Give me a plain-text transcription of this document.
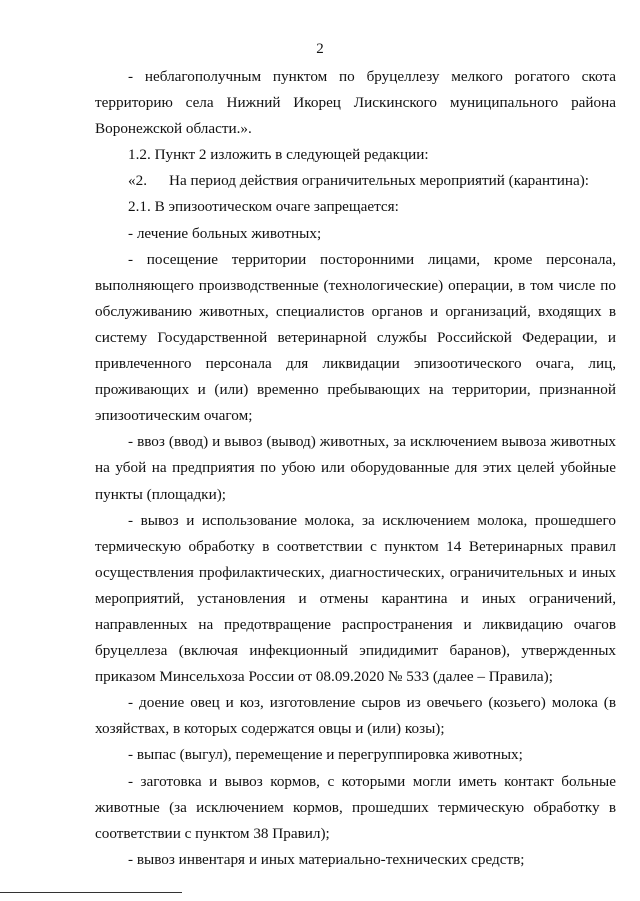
2

- неблагополучным пунктом по бруцеллезу мелкого рогатого скота территорию села Нижний Икорец Лискинского муниципального района Воронежской области.».

1.2. Пункт 2 изложить в следующей редакции:

«2. На период действия ограничительных мероприятий (карантина):

2.1. В эпизоотическом очаге запрещается:

- лечение больных животных;

- посещение территории посторонними лицами, кроме персонала, выполняющего производственные (технологические) операции, в том числе по обслуживанию животных, специалистов органов и организаций, входящих в систему Государственной ветеринарной службы Российской Федерации, и привлеченного персонала для ликвидации эпизоотического очага, лиц, проживающих и (или) временно пребывающих на территории, признанной эпизоотическим очагом;

- ввоз (ввод) и вывоз (вывод) животных, за исключением вывоза животных на убой на предприятия по убою или оборудованные для этих целей убойные пункты (площадки);

- вывоз и использование молока, за исключением молока, прошедшего термическую обработку в соответствии с пунктом 14 Ветеринарных правил осуществления профилактических, диагностических, ограничительных и иных мероприятий, установления и отмены карантина и иных ограничений, направленных на предотвращение распространения и ликвидацию очагов бруцеллеза (включая инфекционный эпидидимит баранов), утвержденных приказом Минсельхоза России от 08.09.2020 № 533 (далее – Правила);

- доение овец и коз, изготовление сыров из овечьего (козьего) молока (в хозяйствах, в которых содержатся овцы и (или) козы);

- выпас (выгул), перемещение и перегруппировка животных;

- заготовка и вывоз кормов, с которыми могли иметь контакт больные животные (за исключением кормов, прошедших термическую обработку в соответствии с пунктом 38 Правил);

- вывоз инвентаря и иных материально-технических средств;
